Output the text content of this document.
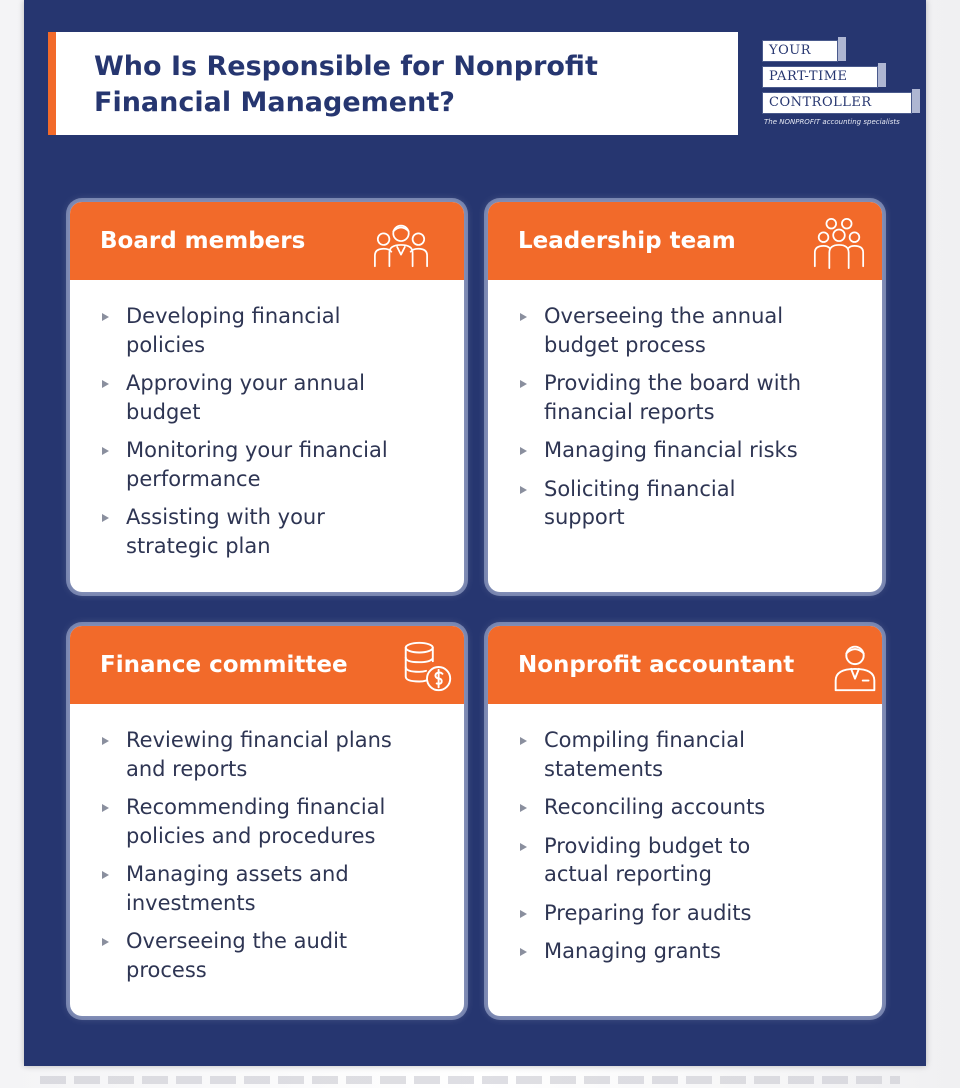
Who Is Responsible for Nonprofit
Financial Management?
YOUR
PART-TIME
CONTROLLER
The NONPROFIT accounting specialists
Board members
Developing financial policies
Approving your annual budget
Monitoring your financial performance
Assisting with your strategic plan
Leadership team
Overseeing the annual budget process
Providing the board with financial reports
Managing financial risks
Soliciting financial support
Finance committee
Reviewing financial plans and reports
Recommending financial policies and procedures
Managing assets and investments
Overseeing the audit process
Nonprofit accountant
Compiling financial statements
Reconciling accounts
Providing budget to actual reporting
Preparing for audits
Managing grants
